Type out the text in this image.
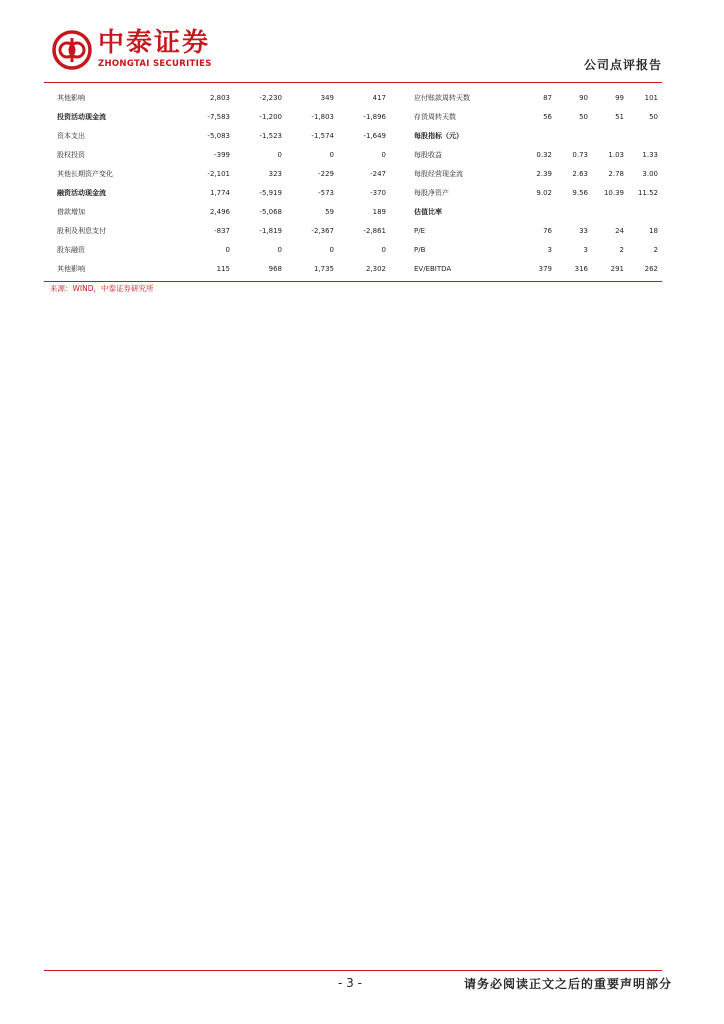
中泰证券
ZHONGTAI SECURITIES	公司点评报告
其他影响	2,803	-2,230	349	417	应付账款周转天数	87	90	99	101
投资活动现金流	-7,583	-1,200	-1,803	-1,896	存货周转天数	56	50	51	50
资本支出	-5,083	-1,523	-1,574	-1,649	每股指标（元）				
股权投资	-399	0	0	0	每股收益	0.32	0.73	1.03	1.33
其他长期资产变化	-2,101	323	-229	-247	每股经营现金流	2.39	2.63	2.78	3.00
融资活动现金流	1,774	-5,919	-573	-370	每股净资产	9.02	9.56	10.39	11.52
借款增加	2,496	-5,068	59	189	估值比率				
股利及利息支付	-837	-1,819	-2,367	-2,861	P/E	76	33	24	18
股东融资	0	0	0	0	P/B	3	3	2	2
其他影响	115	968	1,735	2,302	EV/EBITDA	379	316	291	262
来源：WIND，中泰证券研究所
- 3 -	请务必阅读正文之后的重要声明部分
